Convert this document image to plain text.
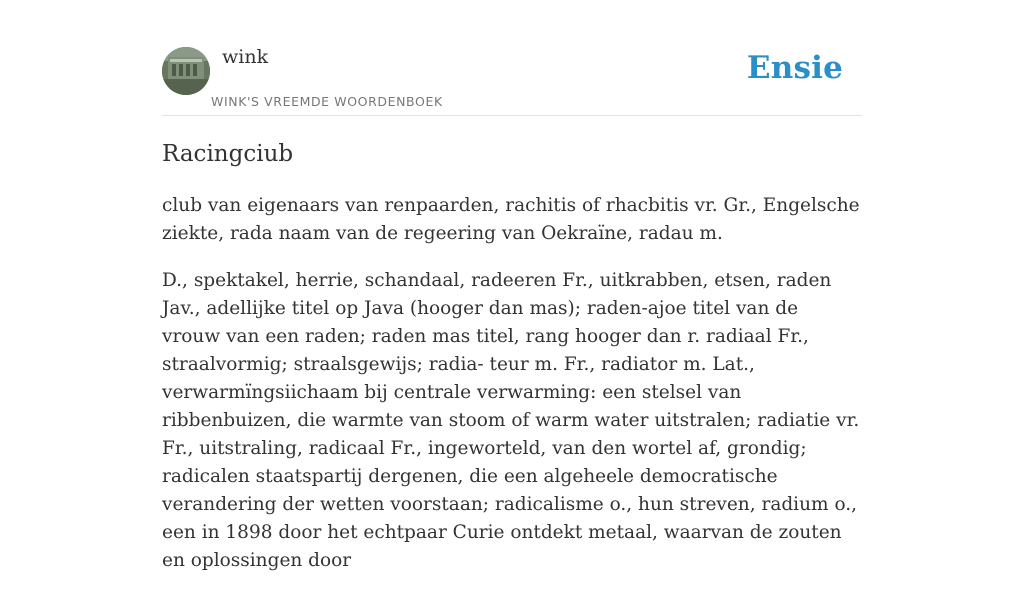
wink
WINK'S VREEMDE WOORDENBOEK
Ensie
Racingciub

club van eigenaars van renpaarden, rachitis of rhacbitis vr. Gr., Engelsche ziekte, rada naam van de regeering van Oekraïne, radau m.

D., spektakel, herrie, schandaal, radeeren Fr., uitkrabben, etsen, raden Jav., adellijke titel op Java (hooger dan mas); raden-ajoe titel van de vrouw van een raden; raden mas titel, rang hooger dan r. radiaal Fr., straalvormig; straalsgewijs; radia- teur m. Fr., radiator m. Lat., verwarmïngsiichaam bij centrale verwarming: een stelsel van ribbenbuizen, die warmte van stoom of warm water uitstralen; radiatie vr. Fr., uitstraling, radicaal Fr., ingeworteld, van den wortel af, grondig; radicalen staatspartij dergenen, die een algeheele democratische verandering der wetten voorstaan; radicalisme o., hun streven, radium o., een in 1898 door het echtpaar Curie ontdekt metaal, waarvan de zouten en oplossingen door
